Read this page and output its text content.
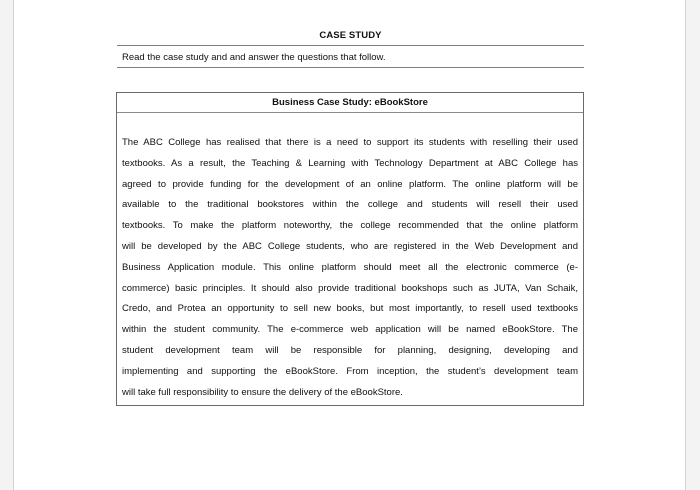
CASE STUDY
Read the case study and and answer the questions that follow.
Business Case Study: eBookStore
The ABC College has realised that there is a need to support its students with reselling their used
textbooks. As a result, the Teaching & Learning with Technology Department at ABC College has
agreed to provide funding for the development of an online platform. The online platform will be
available to the traditional bookstores within the college and students will resell their used
textbooks. To make the platform noteworthy, the college recommended that the online platform
will be developed by the ABC College students, who are registered in the Web Development and
Business Application module. This online platform should meet all the electronic commerce (e-
commerce) basic principles. It should also provide traditional bookshops such as JUTA, Van Schaik,
Credo, and Protea an opportunity to sell new books, but most importantly, to resell used textbooks
within the student community. The e-commerce web application will be named eBookStore. The
student development team will be responsible for planning, designing, developing and
implementing and supporting the eBookStore. From inception, the student’s development team
will take full responsibility to ensure the delivery of the eBookStore.
